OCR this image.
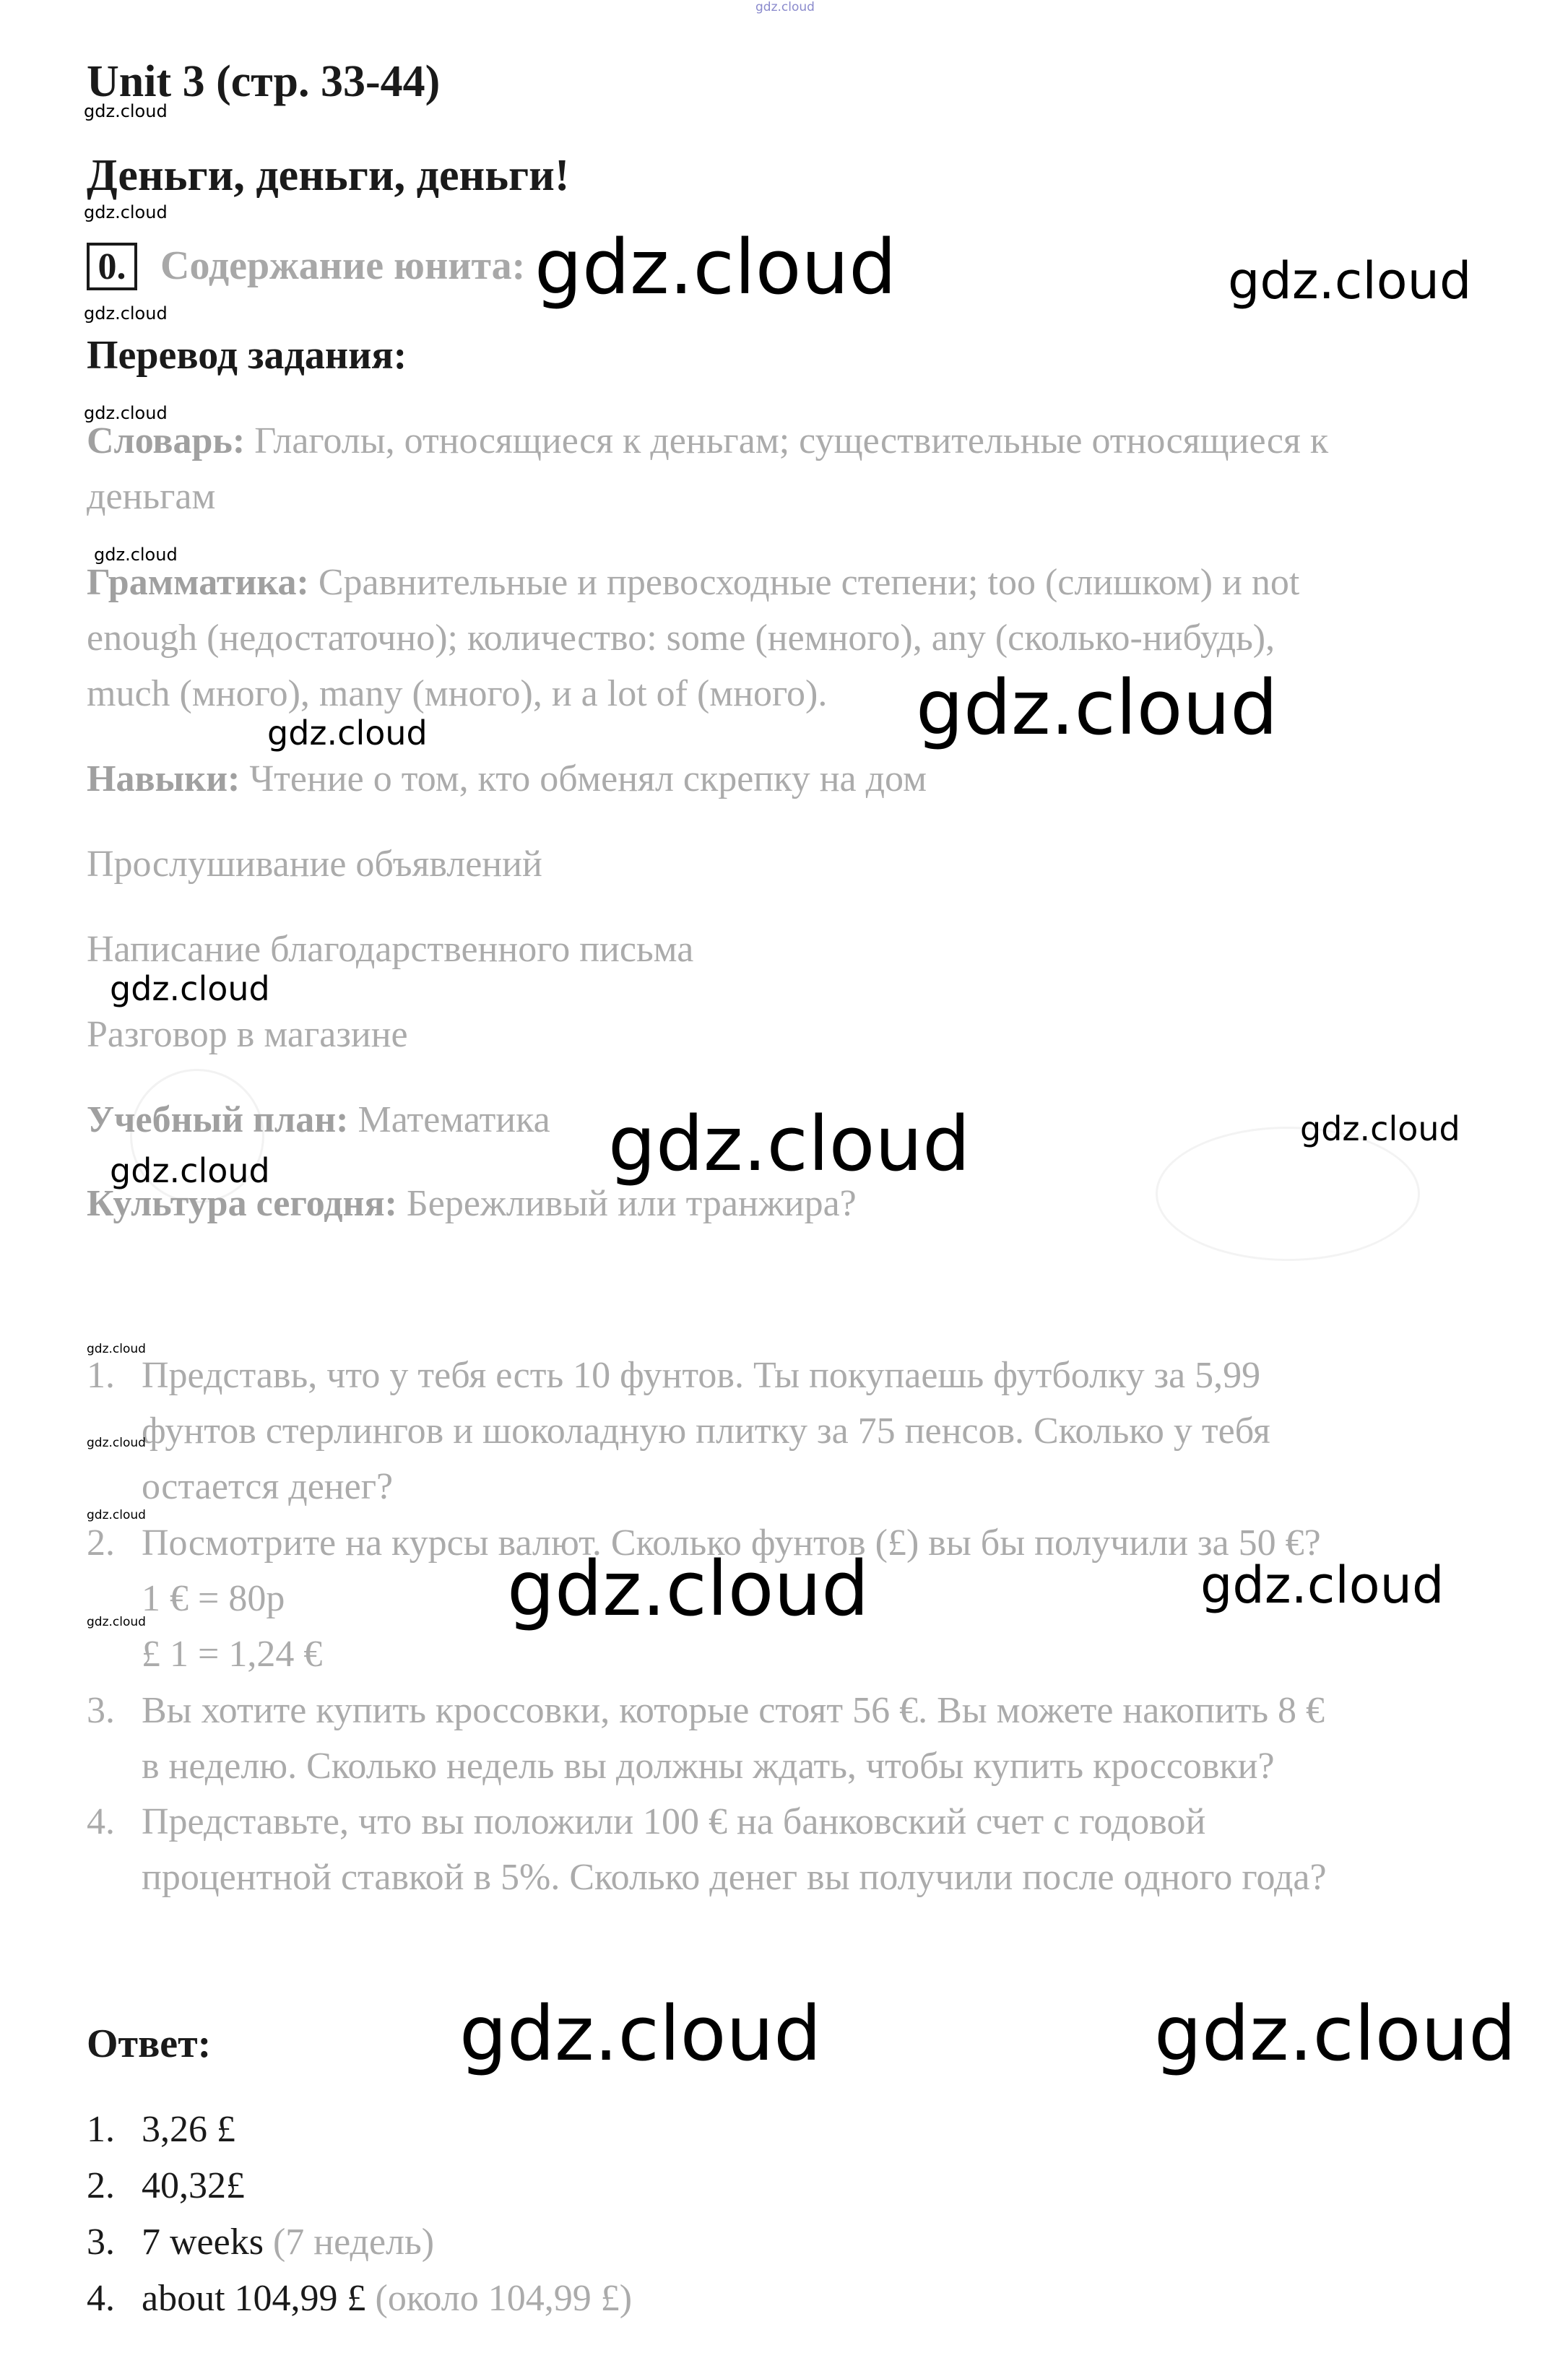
gdz.cloud
Unit 3 (стр. 33-44)
gdz.cloud
Деньги, деньги, деньги!
gdz.cloud
0. Содержание юнита: gdz.cloud	gdz.cloud
gdz.cloud
Перевод задания:
gdz.cloud
Словарь: Глаголы, относящиеся к деньгам; существительные относящиеся к
деньгам
gdz.cloud
Грамматика: Сравнительные и превосходные степени; too (слишком) и not
enough (недостаточно); количество: some (немного), any (сколько-нибудь),
much (много), many (много), и a lot of (много).	gdz.cloud
gdz.cloud
Навыки: Чтение о том, кто обменял скрепку на дом
Прослушивание объявлений
Написание благодарственного письма
gdz.cloud
Разговор в магазине
Учебный план: Математика gdz.cloud	gdz.cloud
gdz.cloud
Культура сегодня: Бережливый или транжира?
gdz.cloud
1. Представь, что у тебя есть 10 фунтов. Ты покупаешь футболку за 5,99
фунтов стерлингов и шоколадную плитку за 75 пенсов. Сколько у тебя
остается денег?
gdz.cloud
gdz.cloud
2. Посмотрите на курсы валют. Сколько фунтов (£) вы бы получили за 50 €?
1 € = 80p
£ 1 = 1,24 €
gdz.cloud	gdz.cloud
gdz.cloud
3. Вы хотите купить кроссовки, которые стоят 56 €. Вы можете накопить 8 €
в неделю. Сколько недель вы должны ждать, чтобы купить кроссовки?
4. Представьте, что вы положили 100 € на банковский счет с годовой
процентной ставкой в 5%. Сколько денег вы получили после одного года?
Ответ:	gdz.cloud	gdz.cloud
1. 3,26 £
2. 40,32£
3. 7 weeks (7 недель)
4. about 104,99 £ (около 104,99 £)
